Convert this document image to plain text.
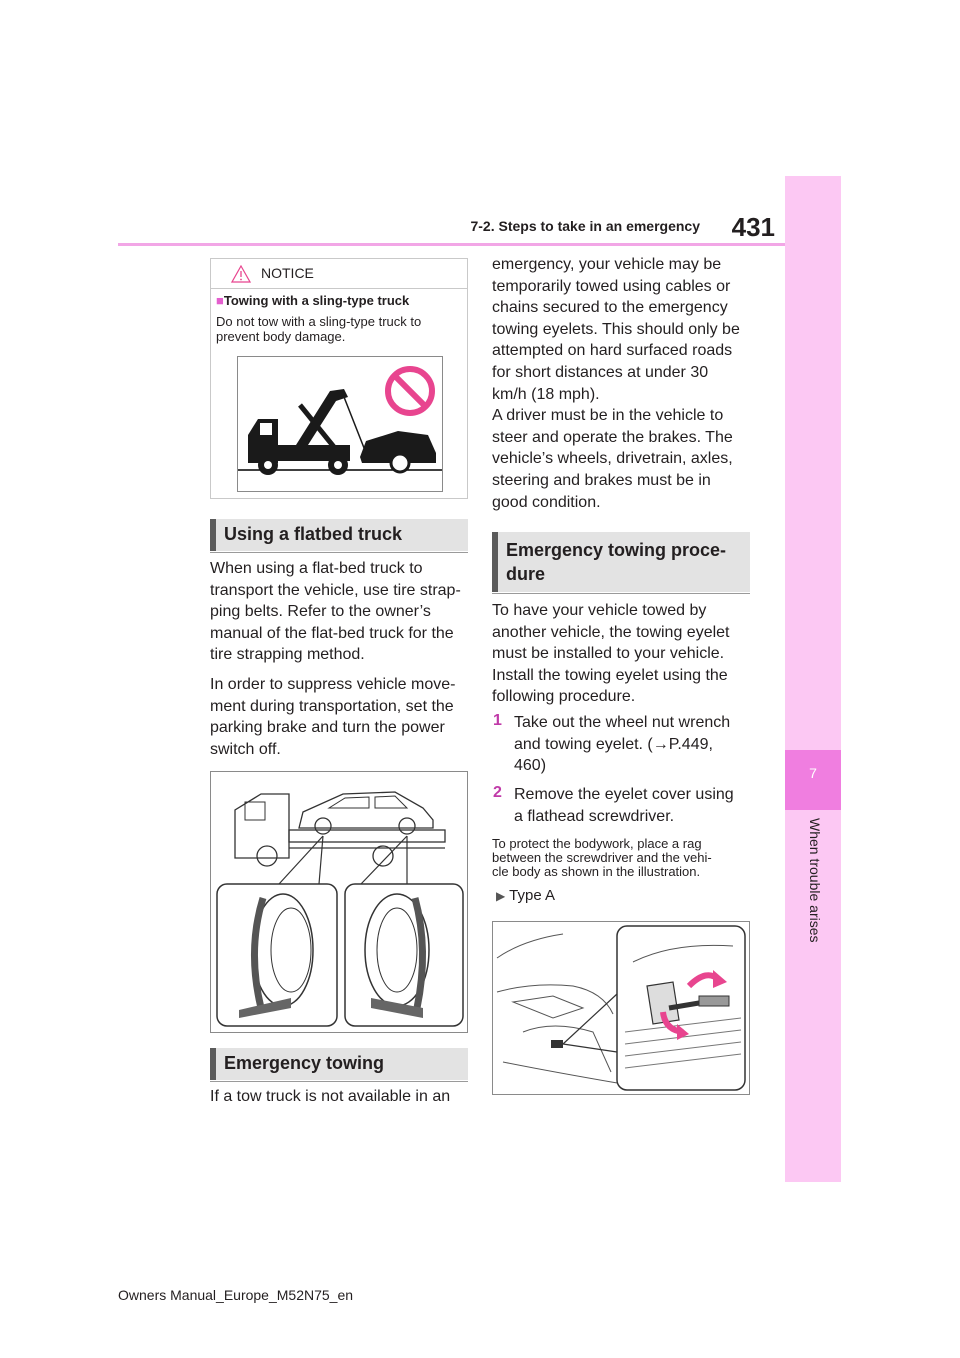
7-2. Steps to take in an emergency	431
7
When trouble arises
NOTICE
■Towing with a sling-type truck
Do not tow with a sling-type truck to prevent body damage.
Using a flatbed truck
When using a flat-bed truck to
transport the vehicle, use tire strap-
ping belts. Refer to the owner’s
manual of the flat-bed truck for the
tire strapping method.
In order to suppress vehicle move-
ment during transportation, set the
parking brake and turn the power
switch off.
Emergency towing
If a tow truck is not available in an
emergency, your vehicle may be
temporarily towed using cables or
chains secured to the emergency
towing eyelets. This should only be
attempted on hard surfaced roads
for short distances at under 30
km/h (18 mph).
A driver must be in the vehicle to
steer and operate the brakes. The
vehicle’s wheels, drivetrain, axles,
steering and brakes must be in
good condition.
Emergency towing proce-
dure
To have your vehicle towed by
another vehicle, the towing eyelet
must be installed to your vehicle.
Install the towing eyelet using the
following procedure.
1 Take out the wheel nut wrench
and towing eyelet. (→P.449,
460)
2 Remove the eyelet cover using
a flathead screwdriver.
To protect the bodywork, place a rag
between the screwdriver and the vehi-
cle body as shown in the illustration.
▶ Type A
Owners Manual_Europe_M52N75_en
